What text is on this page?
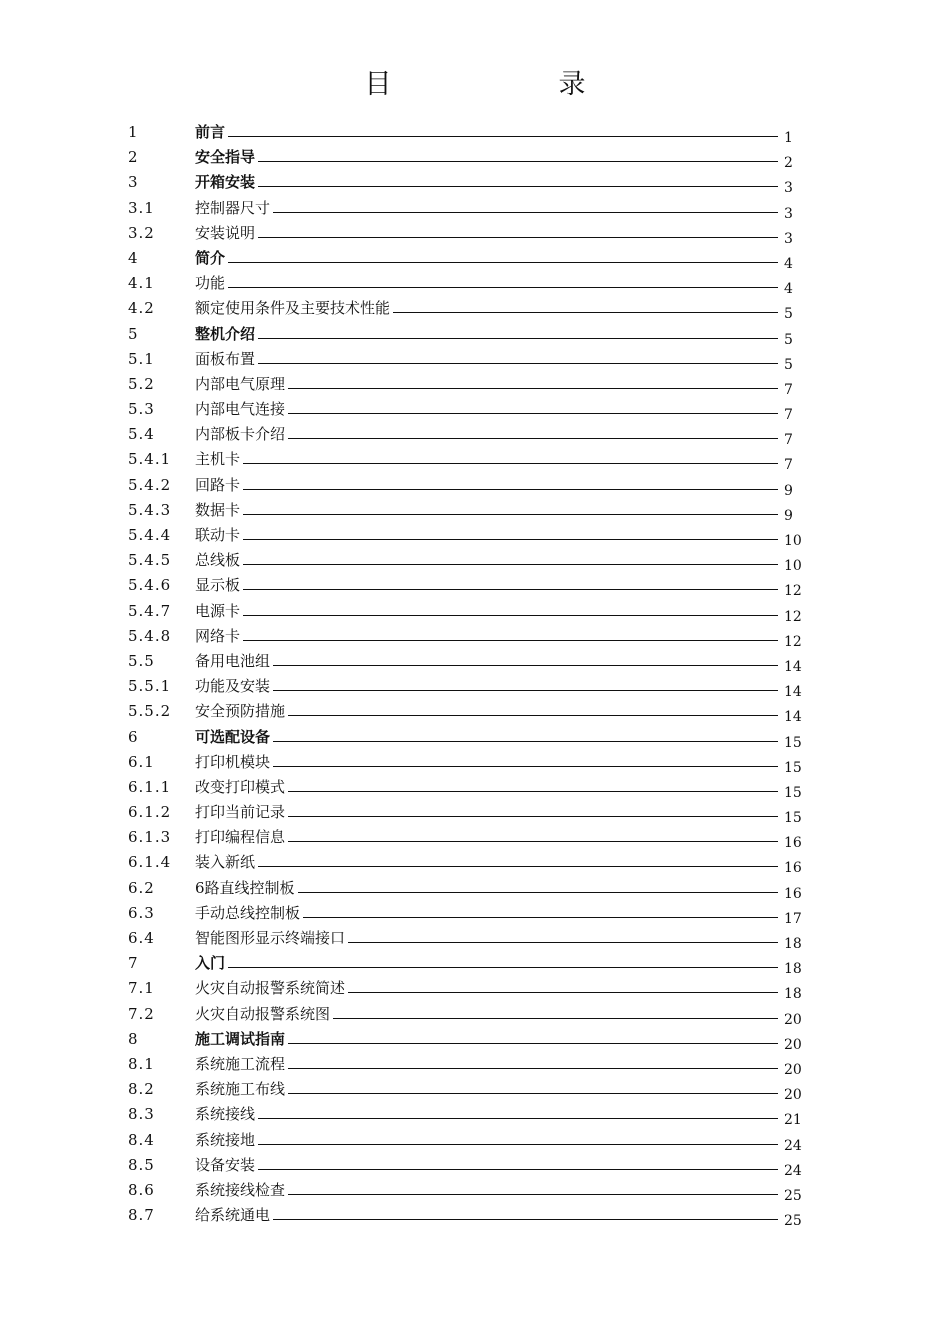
目　录
1	前言	1
2	安全指导	2
3	开箱安装	3
3.1	控制器尺寸	3
3.2	安装说明	3
4	简介	4
4.1	功能	4
4.2	额定使用条件及主要技术性能	5
5	整机介绍	5
5.1	面板布置	5
5.2	内部电气原理	7
5.3	内部电气连接	7
5.4	内部板卡介绍	7
5.4.1 主机卡	7
5.4.2 回路卡	9
5.4.3 数据卡	9
5.4.4 联动卡	10
5.4.5 总线板	10
5.4.6 显示板	12
5.4.7 电源卡	12
5.4.8 网络卡	12
5.5	备用电池组	14
5.5.1 功能及安装	14
5.5.2 安全预防措施	14
6	可选配设备	15
6.1	打印机模块	15
6.1.1 改变打印模式	15
6.1.2 打印当前记录	15
6.1.3 打印编程信息	16
6.1.4 装入新纸	16
6.2	6路直线控制板	16
6.3	手动总线控制板	17
6.4	智能图形显示终端接口	18
7	入门	18
7.1	火灾自动报警系统简述	18
7.2	火灾自动报警系统图	20
8	施工调试指南	20
8.1	系统施工流程	20
8.2	系统施工布线	20
8.3	系统接线	21
8.4	系统接地	24
8.5	设备安装	24
8.6	系统接线检查	25
8.7	给系统通电	25
